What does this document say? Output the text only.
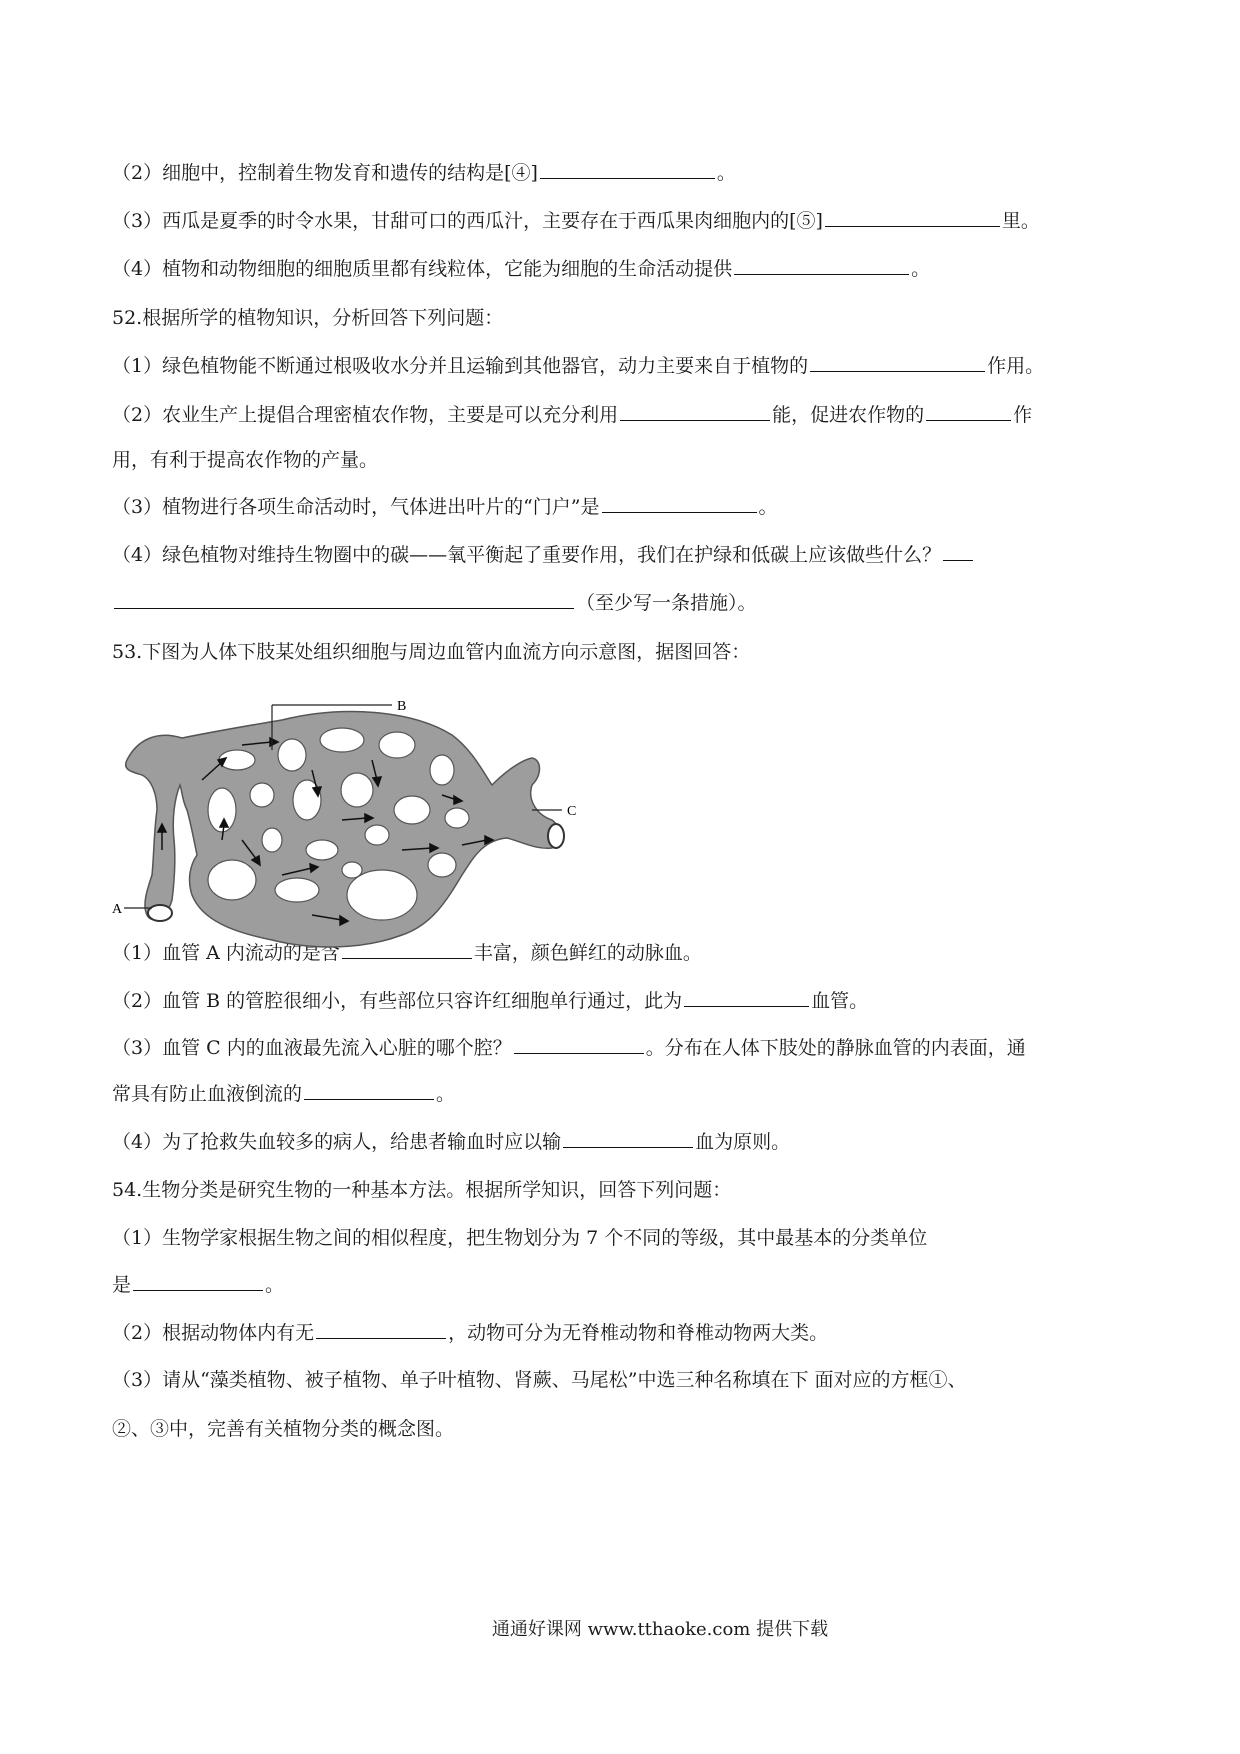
（2）细胞中，控制着生物发育和遗传的结构是[④]	。
（3）西瓜是夏季的时令水果，甘甜可口的西瓜汁，主要存在于西瓜果肉细胞内的[⑤]	里。
（4）植物和动物细胞的细胞质里都有线粒体，它能为细胞的生命活动提供	。
52.根据所学的植物知识，分析回答下列问题：
（1）绿色植物能不断通过根吸收水分并且运输到其他器官，动力主要来自于植物的	作用。
（2）农业生产上提倡合理密植农作物，主要是可以充分利用	能，促进农作物的	作
用，有利于提高农作物的产量。
（3）植物进行各项生命活动时，气体进出叶片的“门户”是	。
（4）绿色植物对维持生物圈中的碳——氧平衡起了重要作用，我们在护绿和低碳上应该做些什么？
（至少写一条措施）。
53.下图为人体下肢某处组织细胞与周边血管内血流方向示意图，据图回答：
（1）血管 A 内流动的是含	丰富，颜色鲜红的动脉血。
（2）血管 B 的管腔很细小，有些部位只容许红细胞单行通过，此为	血管。
（3）血管 C 内的血液最先流入心脏的哪个腔？	。分布在人体下肢处的静脉血管的内表面，通
常具有防止血液倒流的	。
（4）为了抢救失血较多的病人，给患者输血时应以输	血为原则。
54.生物分类是研究生物的一种基本方法。根据所学知识，回答下列问题：
（1）生物学家根据生物之间的相似程度，把生物划分为 7 个不同的等级，其中最基本的分类单位
是	。
（2）根据动物体内有无	，动物可分为无脊椎动物和脊椎动物两大类。
（3）请从“藻类植物、被子植物、单子叶植物、肾蕨、马尾松”中选三种名称填在下 面对应的方框①、
②、③中，完善有关植物分类的概念图。
B
A
C
通通好课网 www.tthaoke.com 提供下载
